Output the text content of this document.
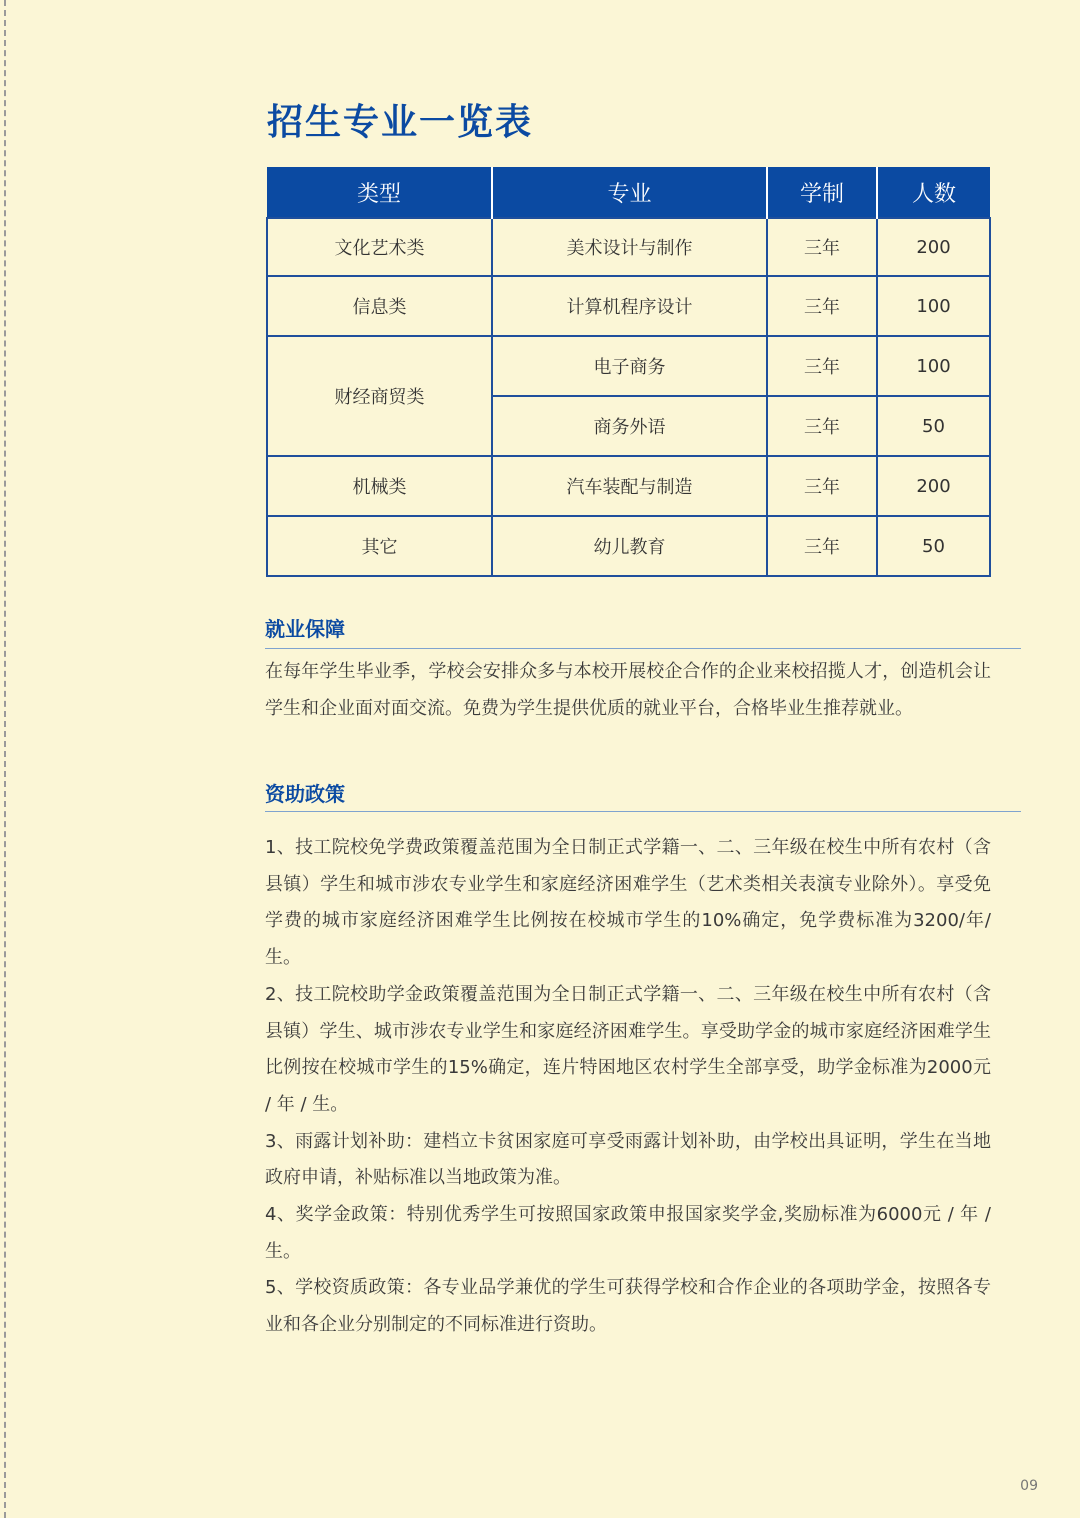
招生专业一览表
类型	专业	学制	人数
文化艺术类	美术设计与制作	三年	200
信息类	计算机程序设计	三年	100
财经商贸类	电子商务	三年	100
	商务外语	三年	50
机械类	汽车装配与制造	三年	200
其它	幼儿教育	三年	50
就业保障

在每年学生毕业季，学校会安排众多与本校开展校企合作的企业来校招揽人才，创造机会让学生和企业面对面交流。免费为学生提供优质的就业平台，合格毕业生推荐就业。

资助政策
1、技工院校免学费政策覆盖范围为全日制正式学籍一、二、三年级在校生中所有农村（含县镇）学生和城市涉农专业学生和家庭经济困难学生（艺术类相关表演专业除外）。享受免学费的城市家庭经济困难学生比例按在校城市学生的10%确定，免学费标准为3200/年/生。
2、技工院校助学金政策覆盖范围为全日制正式学籍一、二、三年级在校生中所有农村（含县镇）学生、城市涉农专业学生和家庭经济困难学生。享受助学金的城市家庭经济困难学生比例按在校城市学生的15%确定，连片特困地区农村学生全部享受，助学金标准为2000元 / 年 / 生。
3、雨露计划补助：建档立卡贫困家庭可享受雨露计划补助，由学校出具证明，学生在当地政府申请，补贴标准以当地政策为准。
4、奖学金政策：特别优秀学生可按照国家政策申报国家奖学金,奖励标准为6000元 / 年 / 生。
5、学校资质政策：各专业品学兼优的学生可获得学校和合作企业的各项助学金，按照各专业和各企业分别制定的不同标准进行资助。
09
